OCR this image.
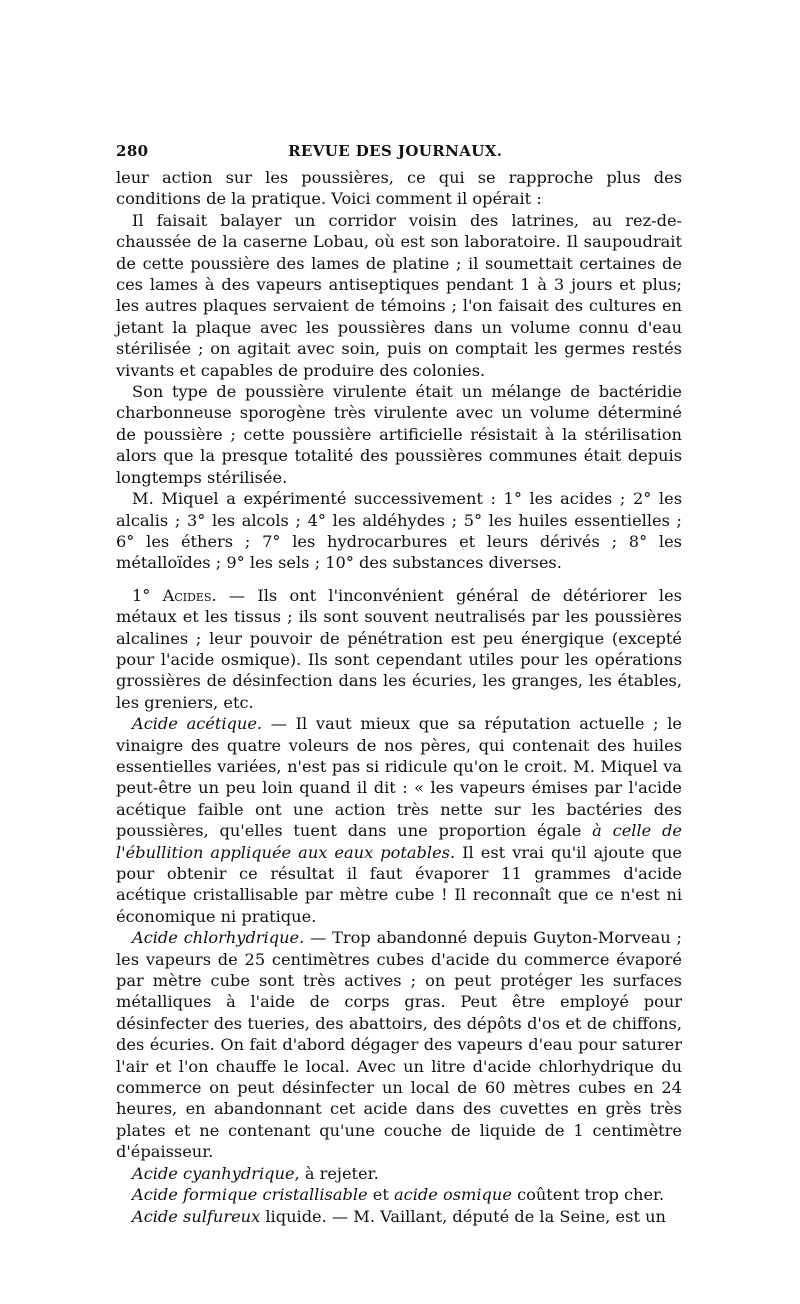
280	REVUE DES JOURNAUX.

leur action sur les poussières, ce qui se rapproche plus des conditions de la pratique. Voici comment il opérait :

Il faisait balayer un corridor voisin des latrines, au rez-de-chaussée de la caserne Lobau, où est son laboratoire. Il saupoudrait de cette poussière des lames de platine ; il soumettait certaines de ces lames à des vapeurs antiseptiques pendant 1 à 3 jours et plus; les autres plaques servaient de témoins ; l'on faisait des cultures en jetant la plaque avec les poussières dans un volume connu d'eau stérilisée ; on agitait avec soin, puis on comptait les germes restés vivants et capables de produire des colonies.

Son type de poussière virulente était un mélange de bactéridie charbonneuse sporogène très virulente avec un volume déterminé de poussière ; cette poussière artificielle résistait à la stérilisation alors que la presque totalité des poussières communes était depuis longtemps stérilisée.

M. Miquel a expérimenté successivement : 1° les acides ; 2° les alcalis ; 3° les alcols ; 4° les aldéhydes ; 5° les huiles essentielles ; 6° les éthers ; 7° les hydrocarbures et leurs dérivés ; 8° les métalloïdes ; 9° les sels ; 10° des substances diverses.

1° Acides. — Ils ont l'inconvénient général de détériorer les métaux et les tissus ; ils sont souvent neutralisés par les poussières alcalines ; leur pouvoir de pénétration est peu énergique (excepté pour l'acide osmique). Ils sont cependant utiles pour les opérations grossières de désinfection dans les écuries, les granges, les étables, les greniers, etc.

Acide acétique. — Il vaut mieux que sa réputation actuelle ; le vinaigre des quatre voleurs de nos pères, qui contenait des huiles essentielles variées, n'est pas si ridicule qu'on le croit. M. Miquel va peut-être un peu loin quand il dit : « les vapeurs émises par l'acide acétique faible ont une action très nette sur les bactéries des poussières, qu'elles tuent dans une proportion égale à celle de l'ébullition appliquée aux eaux potables. Il est vrai qu'il ajoute que pour obtenir ce résultat il faut évaporer 11 grammes d'acide acétique cristallisable par mètre cube ! Il reconnaît que ce n'est ni économique ni pratique.

Acide chlorhydrique. — Trop abandonné depuis Guyton-Morveau ; les vapeurs de 25 centimètres cubes d'acide du commerce évaporé par mètre cube sont très actives ; on peut protéger les surfaces métalliques à l'aide de corps gras. Peut être employé pour désinfecter des tueries, des abattoirs, des dépôts d'os et de chiffons, des écuries. On fait d'abord dégager des vapeurs d'eau pour saturer l'air et l'on chauffe le local. Avec un litre d'acide chlorhydrique du commerce on peut désinfecter un local de 60 mètres cubes en 24 heures, en abandonnant cet acide dans des cuvettes en grès très plates et ne contenant qu'une couche de liquide de 1 centimètre d'épaisseur.

Acide cyanhydrique, à rejeter.

Acide formique cristallisable et acide osmique coûtent trop cher.

Acide sulfureux liquide. — M. Vaillant, député de la Seine, est un
